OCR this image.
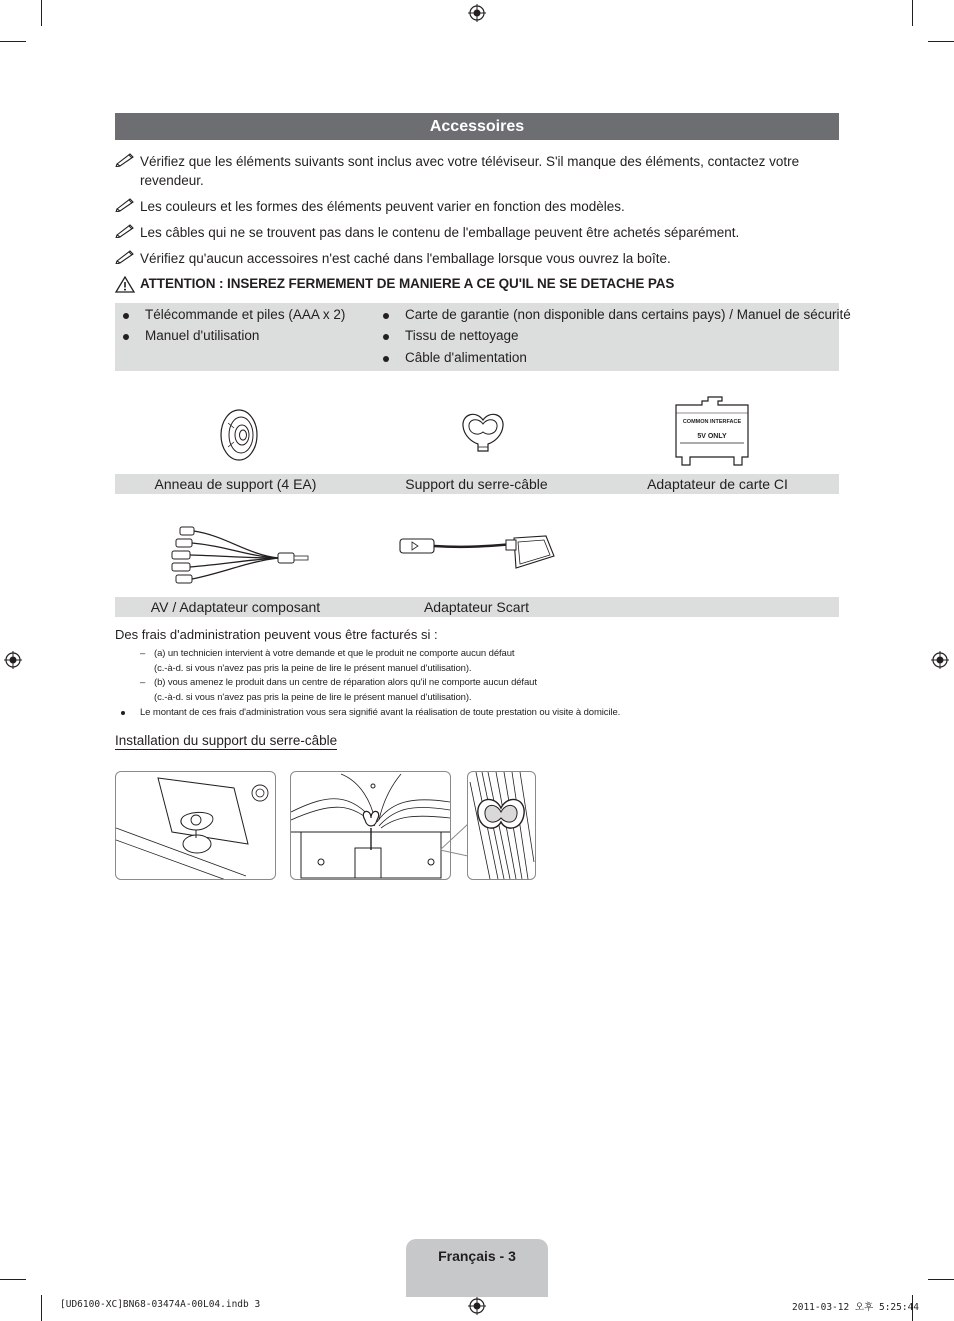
Accessoires
Vérifiez que les éléments suivants sont inclus avec votre téléviseur. S'il manque des éléments, contactez votre revendeur.
Les couleurs et les formes des éléments peuvent varier en fonction des modèles.
Les câbles qui ne se trouvent pas dans le contenu de l'emballage peuvent être achetés séparément.
Vérifiez qu'aucun accessoires n'est caché dans l'emballage lorsque vous ouvrez la boîte.
ATTENTION : INSEREZ FERMEMENT DE MANIERE A CE QU'IL NE SE DETACHE PAS
Télécommande et piles (AAA x 2)
Manuel d'utilisation
Carte de garantie (non disponible dans certains pays) / Manuel de sécurité
Tissu de nettoyage
Câble d'alimentation
COMMON INTERFACE
5V ONLY
Anneau de support (4 EA)	Support du serre-câble	Adaptateur de carte CI
AV / Adaptateur composant	Adaptateur Scart
Des frais d'administration peuvent vous être facturés si :
– (a) un technicien intervient à votre demande et que le produit ne comporte aucun défaut
(c.-à-d. si vous n'avez pas pris la peine de lire le présent manuel d'utilisation).
– (b) vous amenez le produit dans un centre de réparation alors qu'il ne comporte aucun défaut
(c.-à-d. si vous n'avez pas pris la peine de lire le présent manuel d'utilisation).
Le montant de ces frais d'administration vous sera signifié avant la réalisation de toute prestation ou visite à domicile.
Installation du support du serre-câble
Français - 3
[UD6100-XC]BN68-03474A-00L04.indb 3	2011-03-12 오후 5:25:44
